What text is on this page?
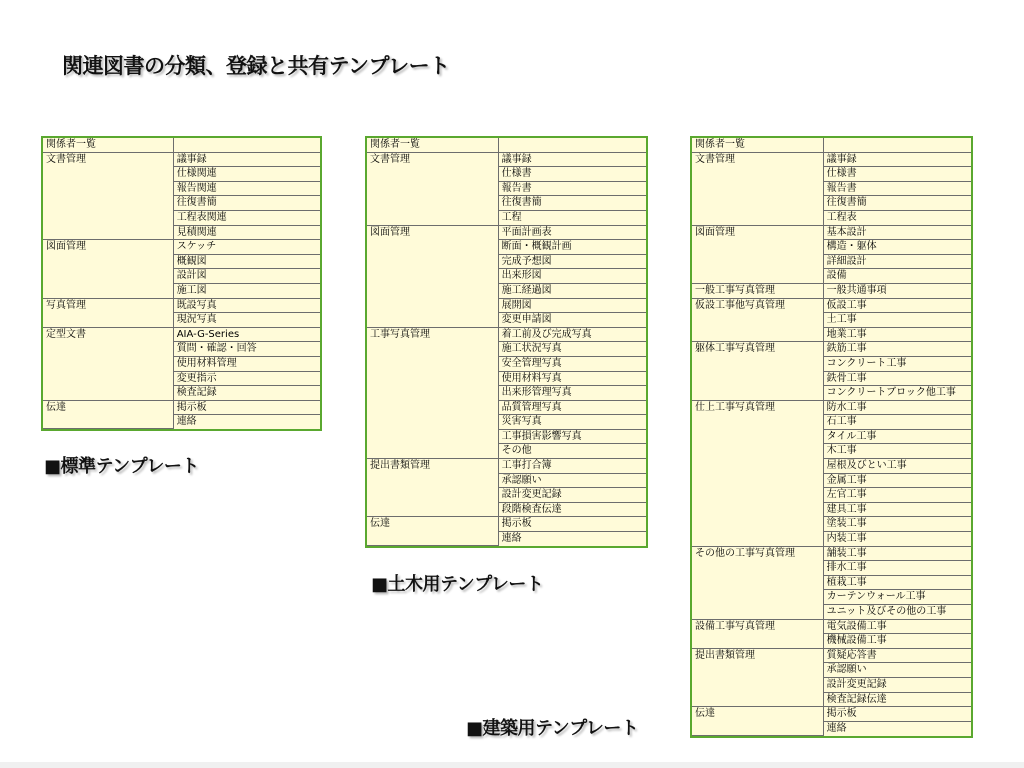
関連図書の分類、登録と共有テンプレート
関係者一覧	
文書管理	議事録
	仕様関連
	報告関連
	往復書簡
	工程表関連
	見積関連
図面管理	スケッチ
	概観図
	設計図
	施工図
写真管理	既設写真
	現況写真
定型文書	AIA-G-Series
	質問・確認・回答
	使用材料管理
	変更指示
	検査記録
伝達	掲示板
	連絡
■標準テンプレート
関係者一覧	
文書管理	議事録
	仕様書
	報告書
	往復書簡
	工程
図面管理	平面計画表
	断面・概観計画
	完成予想図
	出来形図
	施工経過図
	展開図
	変更申請図
工事写真管理	着工前及び完成写真
	施工状況写真
	安全管理写真
	使用材料写真
	出来形管理写真
	品質管理写真
	災害写真
	工事損害影響写真
	その他
提出書類管理	工事打合簿
	承認願い
	設計変更記録
	段階検査伝達
伝達	掲示板
	連絡
■土木用テンプレート
関係者一覧	
文書管理	議事録
	仕様書
	報告書
	往復書簡
	工程表
図面管理	基本設計
	構造・躯体
	詳細設計
	設備
一般工事写真管理	一般共通事項
仮設工事他写真管理	仮設工事
	土工事
	地業工事
躯体工事写真管理	鉄筋工事
	コンクリート工事
	鉄骨工事
	コンクリートブロック他工事
仕上工事写真管理	防水工事
	石工事
	タイル工事
	木工事
	屋根及びとい工事
	金属工事
	左官工事
	建具工事
	塗装工事
	内装工事
その他の工事写真管理	舗装工事
	排水工事
	植栽工事
	カーテンウォール工事
	ユニット及びその他の工事
設備工事写真管理	電気設備工事
	機械設備工事
提出書類管理	質疑応答書
	承認願い
	設計変更記録
	検査記録伝達
伝達	掲示板
	連絡
■建築用テンプレート
